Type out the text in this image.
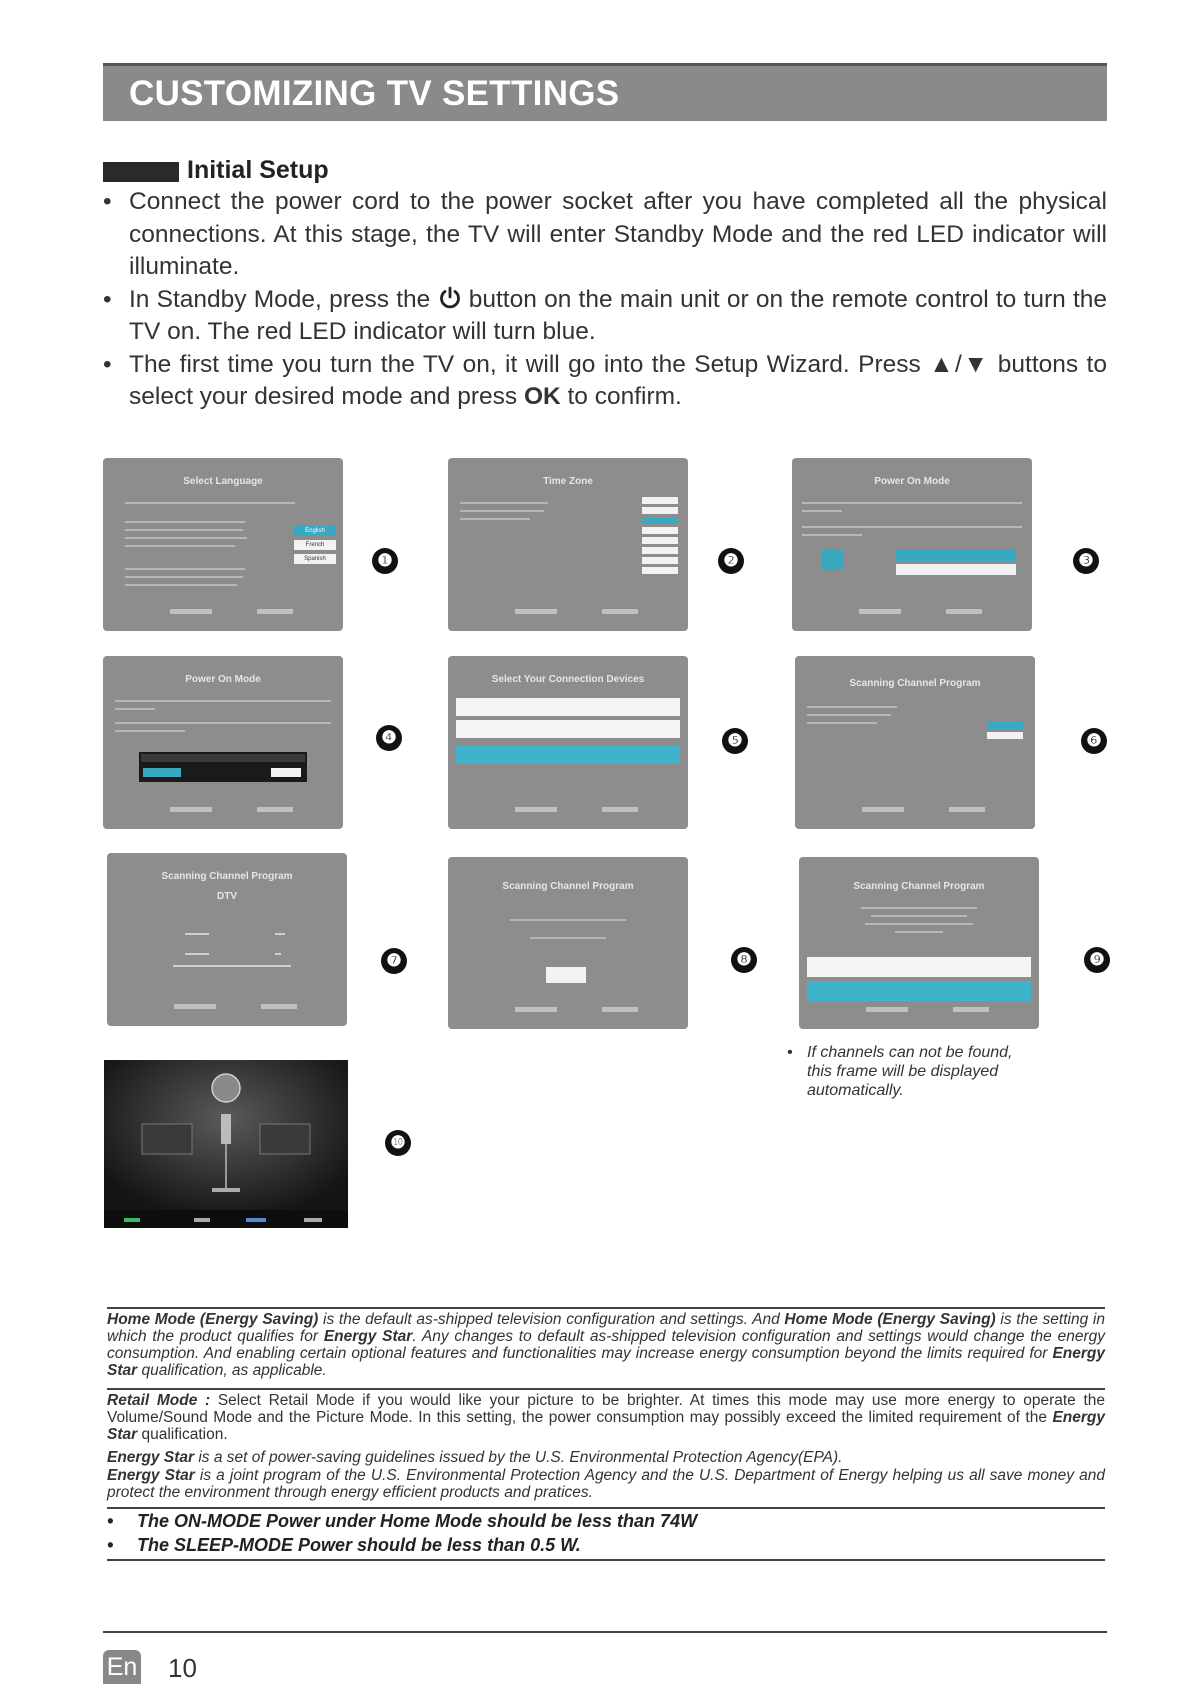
CUSTOMIZING TV SETTINGS
Initial Setup
• Connect the power cord to the power socket after you have completed all the physical connections. At this stage, the TV will enter Standby Mode and the red LED indicator will illuminate.
• In Standby Mode, press the button on the main unit or on the remote control to turn the TV on. The red LED indicator will turn blue.
• The first time you turn the TV on, it will go into the Setup Wizard. Press ▲/▼ buttons to select your desired mode and press OK to confirm.
Select Language
English
French
Spanish	❶
Time Zone
❷
Power On Mode
❸
Power On Mode
❹
Select Your Connection Devices
❺
Scanning Channel Program
❻
Scanning Channel Program
DTV
❼
Scanning Channel Program
❽
Scanning Channel Program
❾
• If channels can not be found, this frame will be displayed automatically.
❿
Home Mode (Energy Saving) is the default as-shipped television configuration and settings. And Home Mode (Energy Saving) is the setting in which the product qualifies for Energy Star. Any changes to default as-shipped television configuration and settings would change the energy consumption. And enabling certain optional features and functionalities may increase energy consumption beyond the limits required for Energy Star qualification, as applicable.
Retail Mode : Select Retail Mode if you would like your picture to be brighter. At times this mode may use more energy to operate the Volume/Sound Mode and the Picture Mode. In this setting, the power consumption may possibly exceed the limited requirement of the Energy Star qualification.
Energy Star is a set of power-saving guidelines issued by the U.S. Environmental Protection Agency(EPA).
Energy Star is a joint program of the U.S. Environmental Protection Agency and the U.S. Department of Energy helping us all save money and protect the environment through energy efficient products and pratices.
• The ON-MODE Power under Home Mode should be less than 74W
• The SLEEP-MODE Power should be less than 0.5 W.
En 10
